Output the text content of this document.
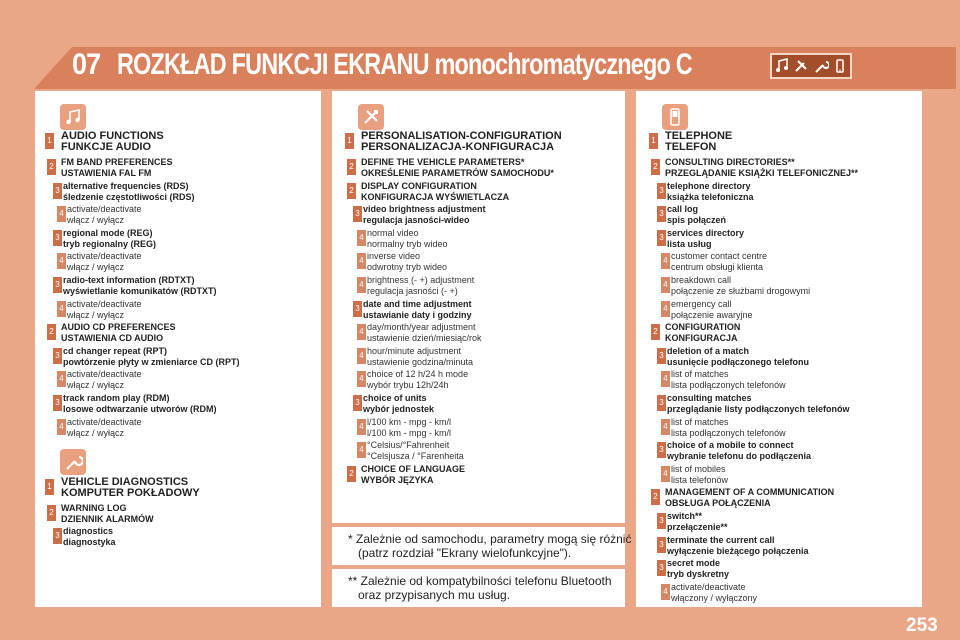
07 ROZKŁAD FUNKCJI EKRANU monochromatycznego C
1 AUDIO FUNCTIONS
FUNKCJE AUDIO
2 FM BAND PREFERENCES
USTAWIENIA FAL FM
3 alternative frequencies (RDS)
śledzenie częstotliwości (RDS)
4 activate/deactivate
włącz / wyłącz
3 regional mode (REG)
tryb regionalny (REG)
4 activate/deactivate
włącz / wyłącz
3 radio-text information (RDTXT)
wyświetlanie komunikatów (RDTXT)
4 activate/deactivate
włącz / wyłącz
2 AUDIO CD PREFERENCES
USTAWIENIA CD AUDIO
3 cd changer repeat (RPT)
powtórzenie płyty w zmieniarce CD (RPT)
4 activate/deactivate
włącz / wyłącz
3 track random play (RDM)
losowe odtwarzanie utworów (RDM)
4 activate/deactivate
włącz / wyłącz
1 VEHICLE DIAGNOSTICS
KOMPUTER POKŁADOWY
2 WARNING LOG
DZIENNIK ALARMÓW
3 diagnostics
diagnostyka
1 PERSONALISATION-CONFIGURATION
PERSONALIZACJA-KONFIGURACJA
2 DEFINE THE VEHICLE PARAMETERS*
OKREŚLENIE PARAMETRÓW SAMOCHODU*
2 DISPLAY CONFIGURATION
KONFIGURACJA WYŚWIETLACZA
3 video brightness adjustment
regulacja jasności-wideo
4 normal video
normalny tryb wideo
4 inverse video
odwrotny tryb wideo
4 brightness (- +) adjustment
regulacja jasności (- +)
3 date and time adjustment
ustawianie daty i godziny
4 day/month/year adjustment
ustawienie dzień/miesiąc/rok
4 hour/minute adjustment
ustawienie godzina/minuta
4 choice of 12 h/24 h mode
wybór trybu 12h/24h
3 choice of units
wybór jednostek
4 l/100 km - mpg - km/l
l/100 km - mpg - km/l
4 °Celsius/°Fahrenheit
°Celsjusza / °Farenheita
2 CHOICE OF LANGUAGE
WYBÓR JĘZYKA
1 TELEPHONE
TELEFON
2 CONSULTING DIRECTORIES**
PRZEGLĄDANIE KSIĄŻKI TELEFONICZNEJ**
3 telephone directory
książka telefoniczna
3 call log
spis połączeń
3 services directory
lista usług
4 customer contact centre
centrum obsługi klienta
4 breakdown call
połączenie ze służbami drogowymi
4 emergency call
połączenie awaryjne
2 CONFIGURATION
KONFIGURACJA
3 deletion of a match
usunięcie podłączonego telefonu
4 list of matches
lista podłączonych telefonów
3 consulting matches
przeglądanie listy podłączonych telefonów
4 list of matches
lista podłączonych telefonów
3 choice of a mobile to connect
wybranie telefonu do podłączenia
4 list of mobiles
lista telefonów
2 MANAGEMENT OF A COMMUNICATION
OBSŁUGA POŁĄCZENIA
3 switch**
przełączenie**
3 terminate the current call
wyłączenie bieżącego połączenia
3 secret mode
tryb dyskretny
4 activate/deactivate
włączony / wyłączony
* Zależnie od samochodu, parametry mogą się różnić
(patrz rozdział "Ekrany wielofunkcyjne").
** Zależnie od kompatybilności telefonu Bluetooth
oraz przypisanych mu usług.
253
